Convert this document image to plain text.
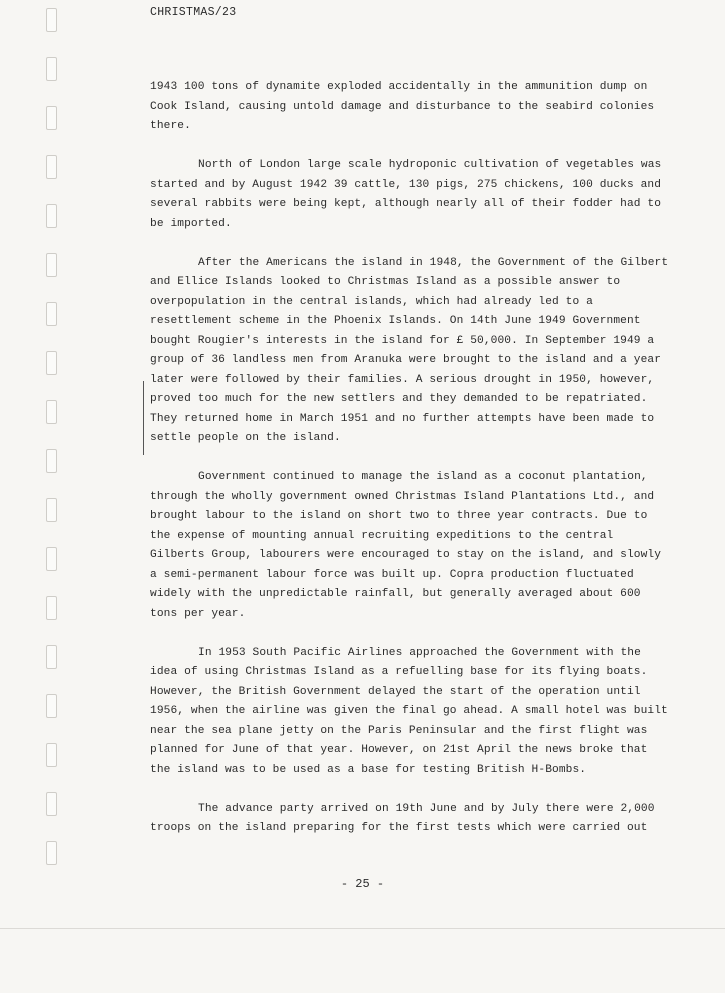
CHRISTMAS/23

1943 100 tons of dynamite exploded accidentally in the ammunition dump on Cook Island, causing untold damage and disturbance to the seabird colonies there.

North of London large scale hydroponic cultivation of vegetables was started and by August 1942 39 cattle, 130 pigs, 275 chickens, 100 ducks and several rabbits were being kept, although nearly all of their fodder had to be imported.

After the Americans the island in 1948, the Government of the Gilbert and Ellice Islands looked to Christmas Island as a possible answer to overpopulation in the central islands, which had already led to a resettlement scheme in the Phoenix Islands. On 14th June 1949 Government bought Rougier's interests in the island for £ 50,000. In September 1949 a group of 36 landless men from Aranuka were brought to the island and a year later were followed by their families. A serious drought in 1950, however, proved too much for the new settlers and they demanded to be repatriated. They returned home in March 1951 and no further attempts have been made to settle people on the island.

Government continued to manage the island as a coconut plantation, through the wholly government owned Christmas Island Plantations Ltd., and brought labour to the island on short two to three year contracts. Due to the expense of mounting annual recruiting expeditions to the central Gilberts Group, labourers were encouraged to stay on the island, and slowly a semi-permanent labour force was built up. Copra production fluctuated widely with the unpredictable rainfall, but generally averaged about 600 tons per year.

In 1953 South Pacific Airlines approached the Government with the idea of using Christmas Island as a refuelling base for its flying boats. However, the British Government delayed the start of the operation until 1956, when the airline was given the final go ahead. A small hotel was built near the sea plane jetty on the Paris Peninsular and the first flight was planned for June of that year. However, on 21st April the news broke that the island was to be used as a base for testing British H-Bombs.

The advance party arrived on 19th June and by July there were 2,000 troops on the island preparing for the first tests which were carried out

- 25 -
